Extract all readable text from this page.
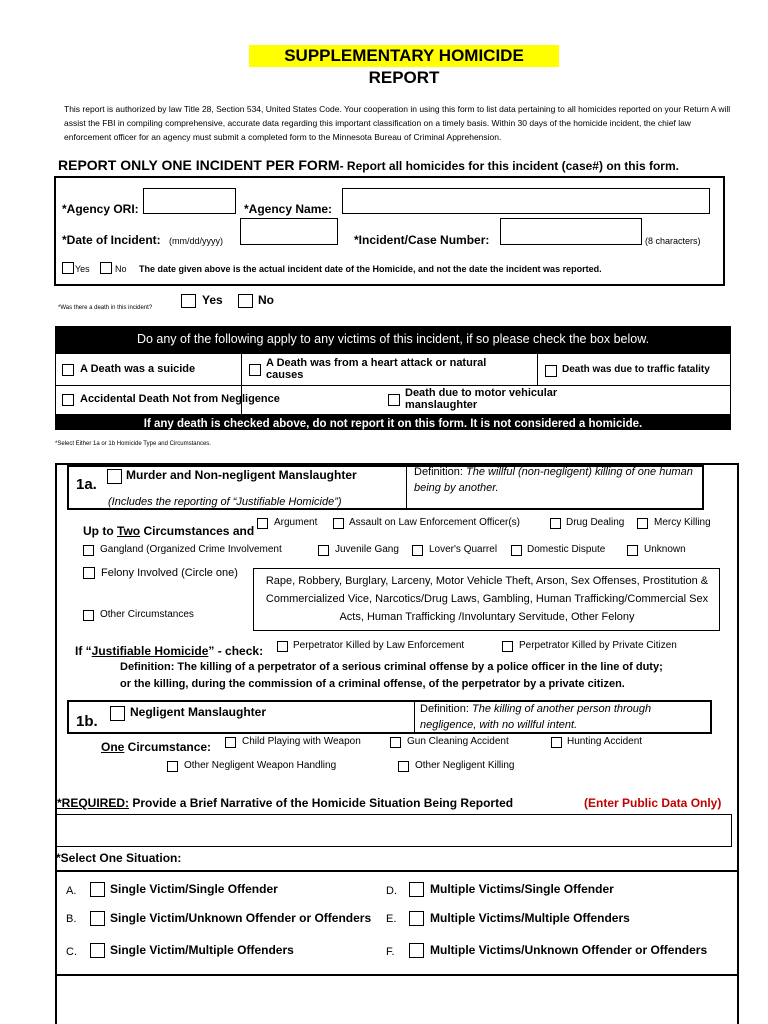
SUPPLEMENTARY HOMICIDE REPORT
This report is authorized by law Title 28, Section 534, United States Code. Your cooperation in using this form to list data pertaining to all homicides reported on your Return A will assist the FBI in compiling comprehensive, accurate data regarding this important classification on a timely basis. Within 30 days of the homicide incident, the chief law enforcement officer for an agency must submit a completed form to the Minnesota Bureau of Criminal Apprehension.
REPORT ONLY ONE INCIDENT PER FORM- Report all homicides for this incident (case#) on this form.
*Agency ORI:	*Agency Name:
*Date of Incident: (mm/dd/yyyy)	*Incident/Case Number:	(8 characters)
Yes	No The date given above is the actual incident date of the Homicide, and not the date the incident was reported.
*Was there a death in this incident?
Yes	No
Do any of the following apply to any victims of this incident, if so please check the box below.
A Death was a suicide	A Death was from a heart attack or natural causes	Death was due to traffic fatality
Accidental Death Not from Negligence	Death due to motor vehicular manslaughter
If any death is checked above, do not report it on this form. It is not considered a homicide.
*Select Either 1a or 1b Homicide Type and Circumstances.
1a.
Murder and Non-negligent Manslaughter
(Includes the reporting of “Justifiable Homicide”)
Definition: The willful (non-negligent) killing of one human being by another.
Up to Two Circumstances and
Argument	Assault on Law Enforcement Officer(s)	Drug Dealing	Mercy Killing
Gangland (Organized Crime Involvement	Juvenile Gang	Lover's Quarrel	Domestic Dispute	Unknown
Felony Involved (Circle one)
Rape, Robbery, Burglary, Larceny, Motor Vehicle Theft, Arson, Sex Offenses, Prostitution & Commercialized Vice, Narcotics/Drug Laws, Gambling, Human Trafficking/Commercial Sex Acts, Human Trafficking /Involuntary Servitude, Other Felony
Other Circumstances
If “Justifiable Homicide” - check:	Perpetrator Killed by Law Enforcement	Perpetrator Killed by Private Citizen
Definition: The killing of a perpetrator of a serious criminal offense by a police officer in the line of duty;
or the killing, during the commission of a criminal offense, of the perpetrator by a private citizen.
1b.
Negligent Manslaughter	Definition: The killing of another person through negligence, with no willful intent.
One Circumstance:	Child Playing with Weapon	Gun Cleaning Accident	Hunting Accident
Other Negligent Weapon Handling	Other Negligent Killing
*REQUIRED: Provide a Brief Narrative of the Homicide Situation Being Reported	(Enter Public Data Only)
*Select One Situation:
A.	Single Victim/Single Offender	D.	Multiple Victims/Single Offender
B.	Single Victim/Unknown Offender or Offenders E.	Multiple Victims/Multiple Offenders
C.	Single Victim/Multiple Offenders	F.	Multiple Victims/Unknown Offender or Offenders
